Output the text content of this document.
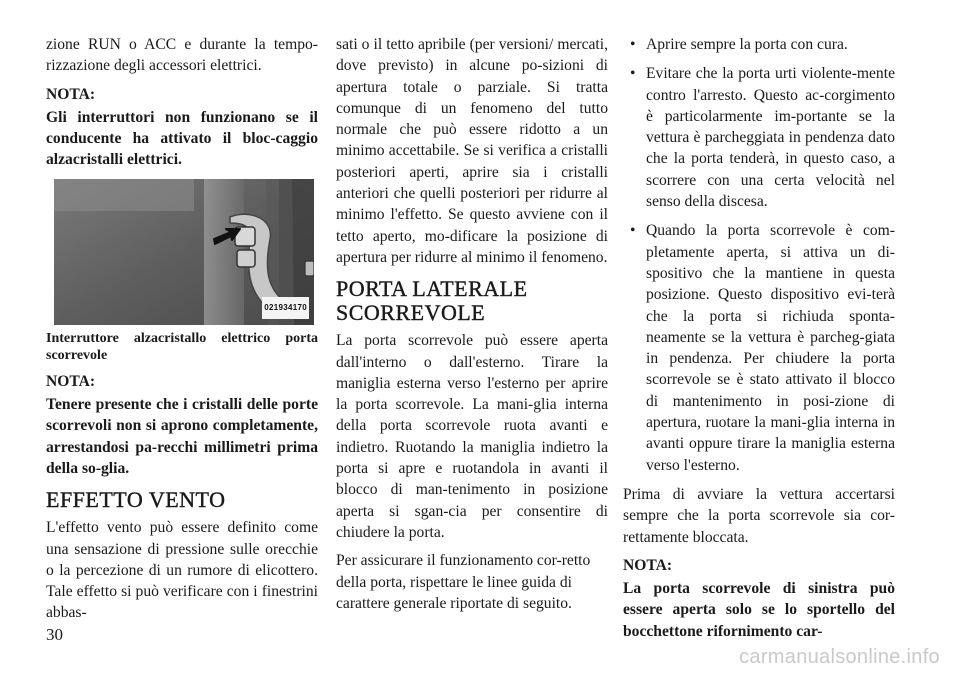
zione RUN o ACC e durante la tempo-rizzazione degli accessori elettrici.

NOTA:

Gli interruttori non funzionano se il conducente ha attivato il bloc-caggio alzacristalli elettrici.

021934170

Interruttore alzacristallo elettrico porta scorrevole

NOTA:

Tenere presente che i cristalli delle porte scorrevoli non si aprono completamente, arrestandosi pa-recchi millimetri prima della so-glia.

EFFETTO VENTO

L'effetto vento può essere definito come una sensazione di pressione sulle orecchie o la percezione di un rumore di elicottero. Tale effetto si può verificare con i finestrini abbas-

sati o il tetto apribile (per versioni/ mercati, dove previsto) in alcune po-sizioni di apertura totale o parziale. Si tratta comunque di un fenomeno del tutto normale che può essere ridotto a un minimo accettabile. Se si verifica a cristalli posteriori aperti, aprire sia i cristalli anteriori che quelli posteriori per ridurre al minimo l'effetto. Se questo avviene con il tetto aperto, mo-dificare la posizione di apertura per ridurre al minimo il fenomeno.

PORTA LATERALE SCORREVOLE

La porta scorrevole può essere aperta dall'interno o dall'esterno. Tirare la maniglia esterna verso l'esterno per aprire la porta scorrevole. La mani-glia interna della porta scorrevole ruota avanti e indietro. Ruotando la maniglia indietro la porta si apre e ruotandola in avanti il blocco di man-tenimento in posizione aperta si sgan-cia per consentire di chiudere la porta.

Per assicurare il funzionamento cor-retto della porta, rispettare le linee guida di carattere generale riportate di seguito.

• Aprire sempre la porta con cura.
• Evitare che la porta urti violente-mente contro l'arresto. Questo ac-corgimento è particolarmente im-portante se la vettura è parcheggiata in pendenza dato che la porta tenderà, in questo caso, a scorrere con una certa velocità nel senso della discesa.
• Quando la porta scorrevole è com-pletamente aperta, si attiva un di-spositivo che la mantiene in questa posizione. Questo dispositivo evi-terà che la porta si richiuda sponta-neamente se la vettura è parcheg-giata in pendenza. Per chiudere la porta scorrevole se è stato attivato il blocco di mantenimento in posi-zione di apertura, ruotare la mani-glia interna in avanti oppure tirare la maniglia esterna verso l'esterno.

Prima di avviare la vettura accertarsi sempre che la porta scorrevole sia cor-rettamente bloccata.

NOTA:

La porta scorrevole di sinistra può essere aperta solo se lo sportello del bocchettone rifornimento car-

30
carmanualsonline.info
